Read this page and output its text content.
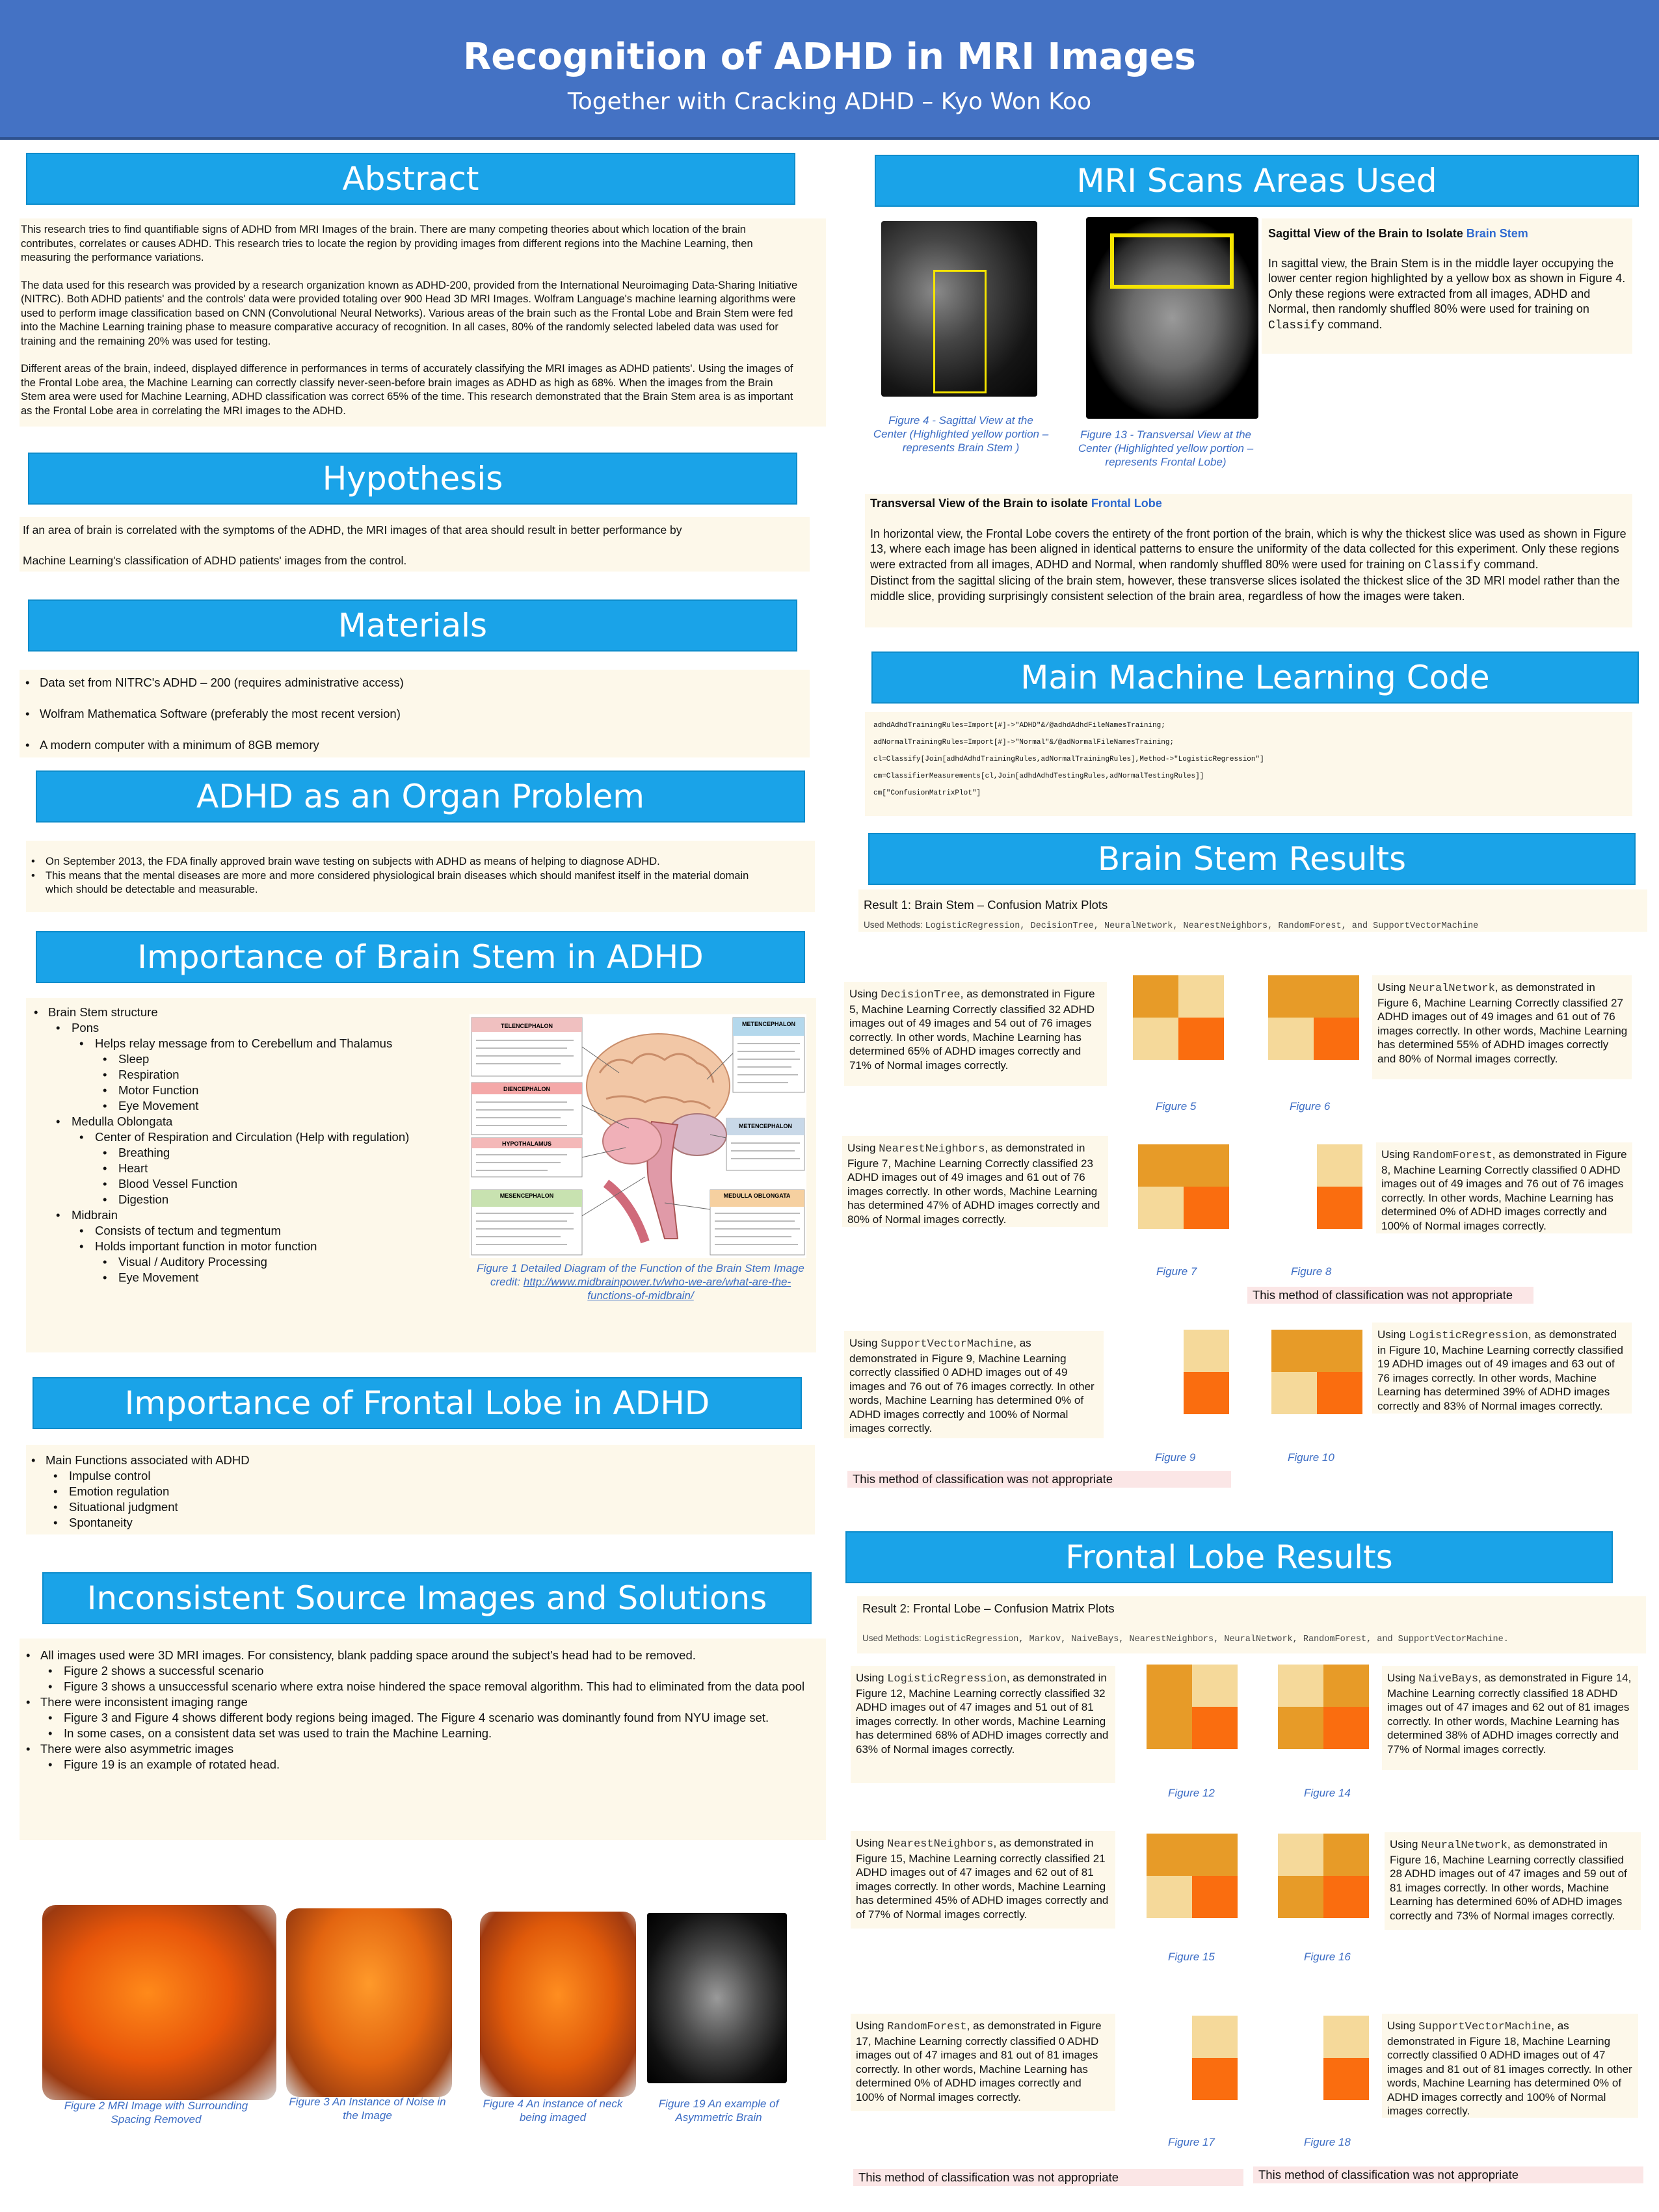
Recognition of ADHD in MRI Images
Together with Cracking ADHD – Kyo Won Koo
Abstract

This research tries to find quantifiable signs of ADHD from MRI Images of the brain. There are many competing theories about which location of the brain contributes, correlates or causes ADHD. This research tries to locate the region by providing images from different regions into the Machine Learning, then measuring the performance variations.

The data used for this research was provided by a research organization known as ADHD-200, provided from the International Neuroimaging Data-Sharing Initiative (NITRC). Both ADHD patients' and the controls' data were provided totaling over 900 Head 3D MRI Images. Wolfram Language's machine learning algorithms were used to perform image classification based on CNN (Convolutional Neural Networks). Various areas of the brain such as the Frontal Lobe and Brain Stem were fed into the Machine Learning training phase to measure comparative accuracy of recognition. In all cases, 80% of the randomly selected labeled data was used for training and the remaining 20% was used for testing.

Different areas of the brain, indeed, displayed difference in performances in terms of accurately classifying the MRI images as ADHD patients'. Using the images of the Frontal Lobe area, the Machine Learning can correctly classify never-seen-before brain images as ADHD as high as 68%. When the images from the Brain Stem area were used for Machine Learning, ADHD classification was correct 65% of the time. This research demonstrated that the Brain Stem area is as important as the Frontal Lobe area in correlating the MRI images to the ADHD.

Hypothesis

If an area of brain is correlated with the symptoms of the ADHD, the MRI images of that area should result in better performance by

Machine Learning's classification of ADHD patients' images from the control.

Materials
• Data set from NITRC's ADHD – 200 (requires administrative access)
• Wolfram Mathematica Software (preferably the most recent version)
• A modern computer with a minimum of 8GB memory
ADHD as an Organ Problem
• On September 2013, the FDA finally approved brain wave testing on subjects with ADHD as means of helping to diagnose ADHD.
• This means that the mental diseases are more and more considered physiological brain diseases which should manifest itself in the material domain which should be detectable and measurable.
Importance of Brain Stem in ADHD
• Brain Stem structure
• Pons
• Helps relay message from to Cerebellum and Thalamus
• Sleep
• Respiration
• Motor Function
• Eye Movement
• Medulla Oblongata
• Center of Respiration and Circulation (Help with regulation)
• Breathing
• Heart
• Blood Vessel Function
• Digestion
• Midbrain
• Consists of tectum and tegmentum
• Holds important function in motor function
• Visual / Auditory Processing
• Eye Movement
TELENCEPHALON
DIENCEPHALON
HYPOTHALAMUS
MESENCEPHALON
METENCEPHALON
METENCEPHALON
MEDULLA OBLONGATA
Figure 1 Detailed Diagram of the Function of the Brain Stem Image credit: http://www.midbrainpower.tv/who-we-are/what-are-the-functions-of-midbrain/
Importance of Frontal Lobe in ADHD
• Main Functions associated with ADHD
• Impulse control
• Emotion regulation
• Situational judgment
• Spontaneity
Inconsistent Source Images and Solutions
• All images used were 3D MRI images. For consistency, blank padding space around the subject's head had to be removed.
• Figure 2 shows a successful scenario
• Figure 3 shows a unsuccessful scenario where extra noise hindered the space removal algorithm. This had to eliminated from the data pool
• There were inconsistent imaging range
• Figure 3 and Figure 4 shows different body regions being imaged. The Figure 4 scenario was dominantly found from NYU image set.
• In some cases, on a consistent data set was used to train the Machine Learning.
• There were also asymmetric images
• Figure 19 is an example of rotated head.
Figure 2 MRI Image with Surrounding Spacing Removed
Figure 3 An Instance of Noise in the Image
Figure 4 An instance of neck being imaged
Figure 19 An example of Asymmetric Brain
MRI Scans Areas Used
Figure 4 - Sagittal View at the Center (Highlighted yellow portion – represents Brain Stem )
Figure 13 - Transversal View at the Center (Highlighted yellow portion – represents Frontal Lobe)

Sagittal View of the Brain to Isolate Brain Stem

In sagittal view, the Brain Stem is in the middle layer occupying the lower center region highlighted by a yellow box as shown in Figure 4. Only these regions were extracted from all images, ADHD and Normal, then randomly shuffled 80% were used for training on Classify command.

Transversal View of the Brain to isolate Frontal Lobe

In horizontal view, the Frontal Lobe covers the entirety of the front portion of the brain, which is why the thickest slice was used as shown in Figure 13, where each image has been aligned in identical patterns to ensure the uniformity of the data collected for this experiment. Only these regions were extracted from all images, ADHD and Normal, when randomly shuffled 80% were used for training on Classify command.

Distinct from the sagittal slicing of the brain stem, however, these transverse slices isolated the thickest slice of the 3D MRI model rather than the middle slice, providing surprisingly consistent selection of the brain area, regardless of how the images were taken.

Main Machine Learning Code
adhdAdhdTrainingRules=Import[#]->"ADHD"&/@adhdAdhdFileNamesTraining;
adNormalTrainingRules=Import[#]->"Normal"&/@adNormalFileNamesTraining;
cl=Classify[Join[adhdAdhdTrainingRules,adNormalTrainingRules],Method->"LogisticRegression"]
cm=ClassifierMeasurements[cl,Join[adhdAdhdTestingRules,adNormalTestingRules]]
cm["ConfusionMatrixPlot"]
Brain Stem Results
Result 1: Brain Stem – Confusion Matrix Plots
Used Methods: LogisticRegression, DecisionTree, NeuralNetwork, NearestNeighbors, RandomForest, and SupportVectorMachine
Using DecisionTree, as demonstrated in Figure 5, Machine Learning Correctly classified 32 ADHD images out of 49 images and 54 out of 76 images correctly. In other words, Machine Learning has determined 65% of ADHD images correctly and 71% of Normal images correctly.
Figure 5
Using NeuralNetwork, as demonstrated in Figure 6, Machine Learning Correctly classified 27 ADHD images out of 49 images and 61 out of 76 images correctly. In other words, Machine Learning has determined 55% of ADHD images correctly and 80% of Normal images correctly.
Figure 6
Using NearestNeighbors, as demonstrated in Figure 7, Machine Learning Correctly classified 23 ADHD images out of 49 images and 61 out of 76 images correctly. In other words, Machine Learning has determined 47% of ADHD images correctly and 80% of Normal images correctly.
Figure 7
Using RandomForest, as demonstrated in Figure 8, Machine Learning Correctly classified 0 ADHD images out of 49 images and 76 out of 76 images correctly. In other words, Machine Learning has determined 0% of ADHD images correctly and 100% of Normal images correctly.
Figure 8
Using SupportVectorMachine, as demonstrated in Figure 9, Machine Learning correctly classified 0 ADHD images out of 49 images and 76 out of 76 images correctly. In other words, Machine Learning has determined 0% of ADHD images correctly and 100% of Normal images correctly.
Figure 9
Using LogisticRegression, as demonstrated in Figure 10, Machine Learning correctly classified 19 ADHD images out of 49 images and 63 out of 76 images correctly. In other words, Machine Learning has determined 39% of ADHD images correctly and 83% of Normal images correctly.
Figure 10
Frontal Lobe Results
Result 2: Frontal Lobe – Confusion Matrix Plots
Used Methods: LogisticRegression, Markov, NaiveBays, NearestNeighbors, NeuralNetwork, RandomForest, and SupportVectorMachine.
Using LogisticRegression, as demonstrated in Figure 12, Machine Learning correctly classified 32 ADHD images out of 47 images and 51 out of 81 images correctly. In other words, Machine Learning has determined 68% of ADHD images correctly and 63% of Normal images correctly.
Figure 12
Using NaiveBays, as demonstrated in Figure 14, Machine Learning correctly classified 18 ADHD images out of 47 images and 62 out of 81 images correctly. In other words, Machine Learning has determined 38% of ADHD images correctly and 77% of Normal images correctly.
Figure 14
Using NearestNeighbors, as demonstrated in Figure 15, Machine Learning correctly classified 21 ADHD images out of 47 images and 62 out of 81 images correctly. In other words, Machine Learning has determined 45% of ADHD images correctly and of 77% of Normal images correctly.
Figure 15
Using NeuralNetwork, as demonstrated in Figure 16, Machine Learning correctly classified 28 ADHD images out of 47 images and 59 out of 81 images correctly. In other words, Machine Learning has determined 60% of ADHD images correctly and 73% of Normal images correctly.
Figure 16
Using RandomForest, as demonstrated in Figure 17, Machine Learning correctly classified 0 ADHD images out of 47 images and 81 out of 81 images correctly. In other words, Machine Learning has determined 0% of ADHD images correctly and 100% of Normal images correctly.
Figure 17
Using SupportVectorMachine, as demonstrated in Figure 18, Machine Learning correctly classified 0 ADHD images out of 47 images and 81 out of 81 images correctly. In other words, Machine Learning has determined 0% of ADHD images correctly and 100% of Normal images correctly.
Figure 18
This method of classification was not appropriate
This method of classification was not appropriate
This method of classification was not appropriate	This method of classification was not appropriate
